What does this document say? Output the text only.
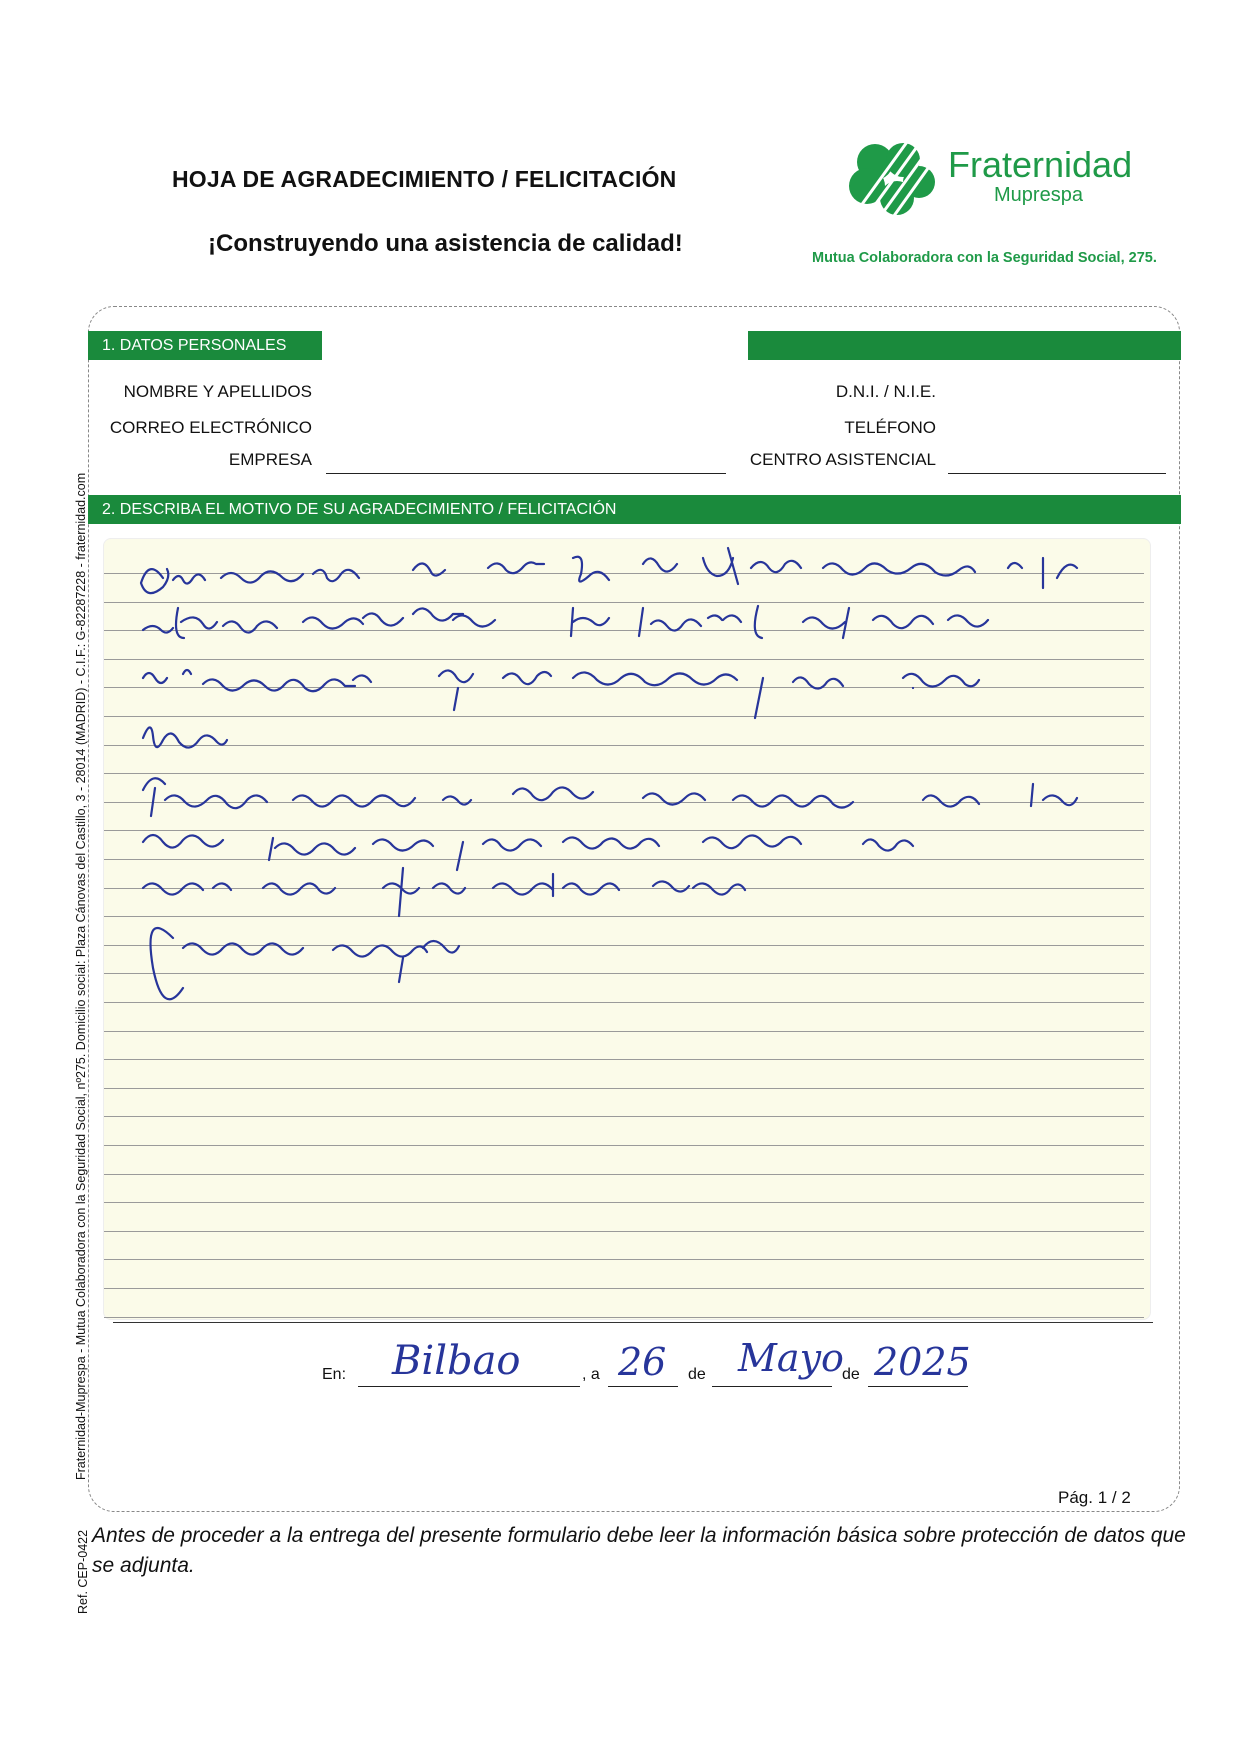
HOJA DE AGRADECIMIENTO / FELICITACIÓN
¡Construyendo una asistencia de calidad!
Fraternidad
Muprespa
Mutua Colaboradora con la Seguridad Social, 275.
Fraternidad-Muprespa - Mutua Colaboradora con la Seguridad Social, nº275. Domicilio social: Plaza Cánovas del Castillo, 3 - 28014 (MADRID) - C.I.F.: G-82287228 - fraternidad.com
Ref. CEP-0422
1. DATOS PERSONALES
NOMBRE Y APELLIDOS
CORREO ELECTRÓNICO
EMPRESA
D.N.I. / N.I.E.
TELÉFONO
CENTRO ASISTENCIAL
2. DESCRIBA EL MOTIVO DE SU AGRADECIMIENTO / FELICITACIÓN
En: Bilbao	, a 26 de Mayo
de 2025
Pág. 1 / 2
Antes de proceder a la entrega del presente formulario debe leer la información básica sobre protección de datos que se adjunta.
